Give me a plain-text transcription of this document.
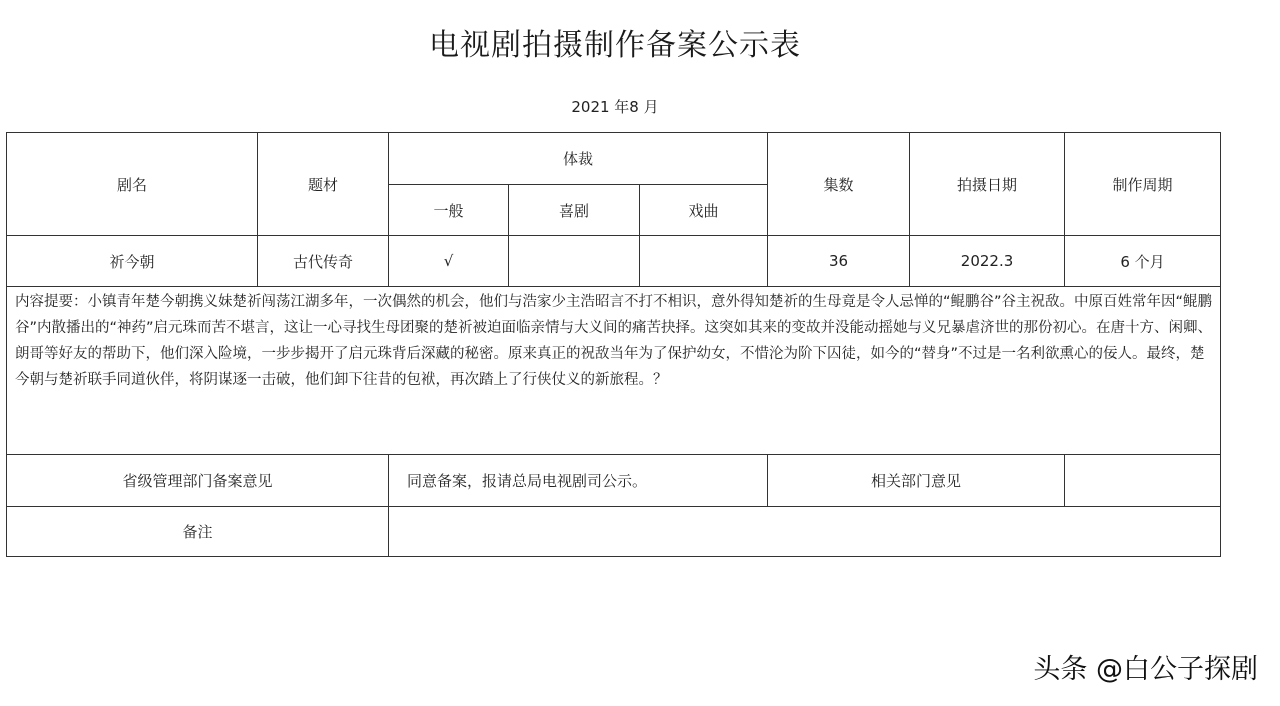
电视剧拍摄制作备案公示表
2021 年8 月
剧名	题材	体裁			集数	拍摄日期	制作周期
		一般	喜剧	戏曲			
祈今朝	古代传奇	√			36	2022.3	6 个月

内容提要：小镇青年楚今朝携义妹楚祈闯荡江湖多年，一次偶然的机会，他们与浩家少主浩昭言不打不相识，意外得知楚祈的生母竟是令人忌惮的“鲲鹏谷”谷主祝敌。中原百姓常年因“鲲鹏谷”内散播出的“神药”启元珠而苦不堪言，这让一心寻找生母团聚的楚祈被迫面临亲情与大义间的痛苦抉择。这突如其来的变故并没能动摇她与义兄暴虐济世的那份初心。在唐十方、闲卿、朗哥等好友的帮助下，他们深入险境，一步步揭开了启元珠背后深藏的秘密。原来真正的祝敌当年为了保护幼女，不惜沦为阶下囚徒，如今的“替身”不过是一名利欲熏心的佞人。最终，楚今朝与楚祈联手同道伙伴，将阴谋逐一击破，他们卸下往昔的包袱，再次踏上了行侠仗义的新旅程。？							

省级管理部门备案意见		同意备案，报请总局电视剧司公示。			相关部门意见		
备注							
头条 @白公子探剧
